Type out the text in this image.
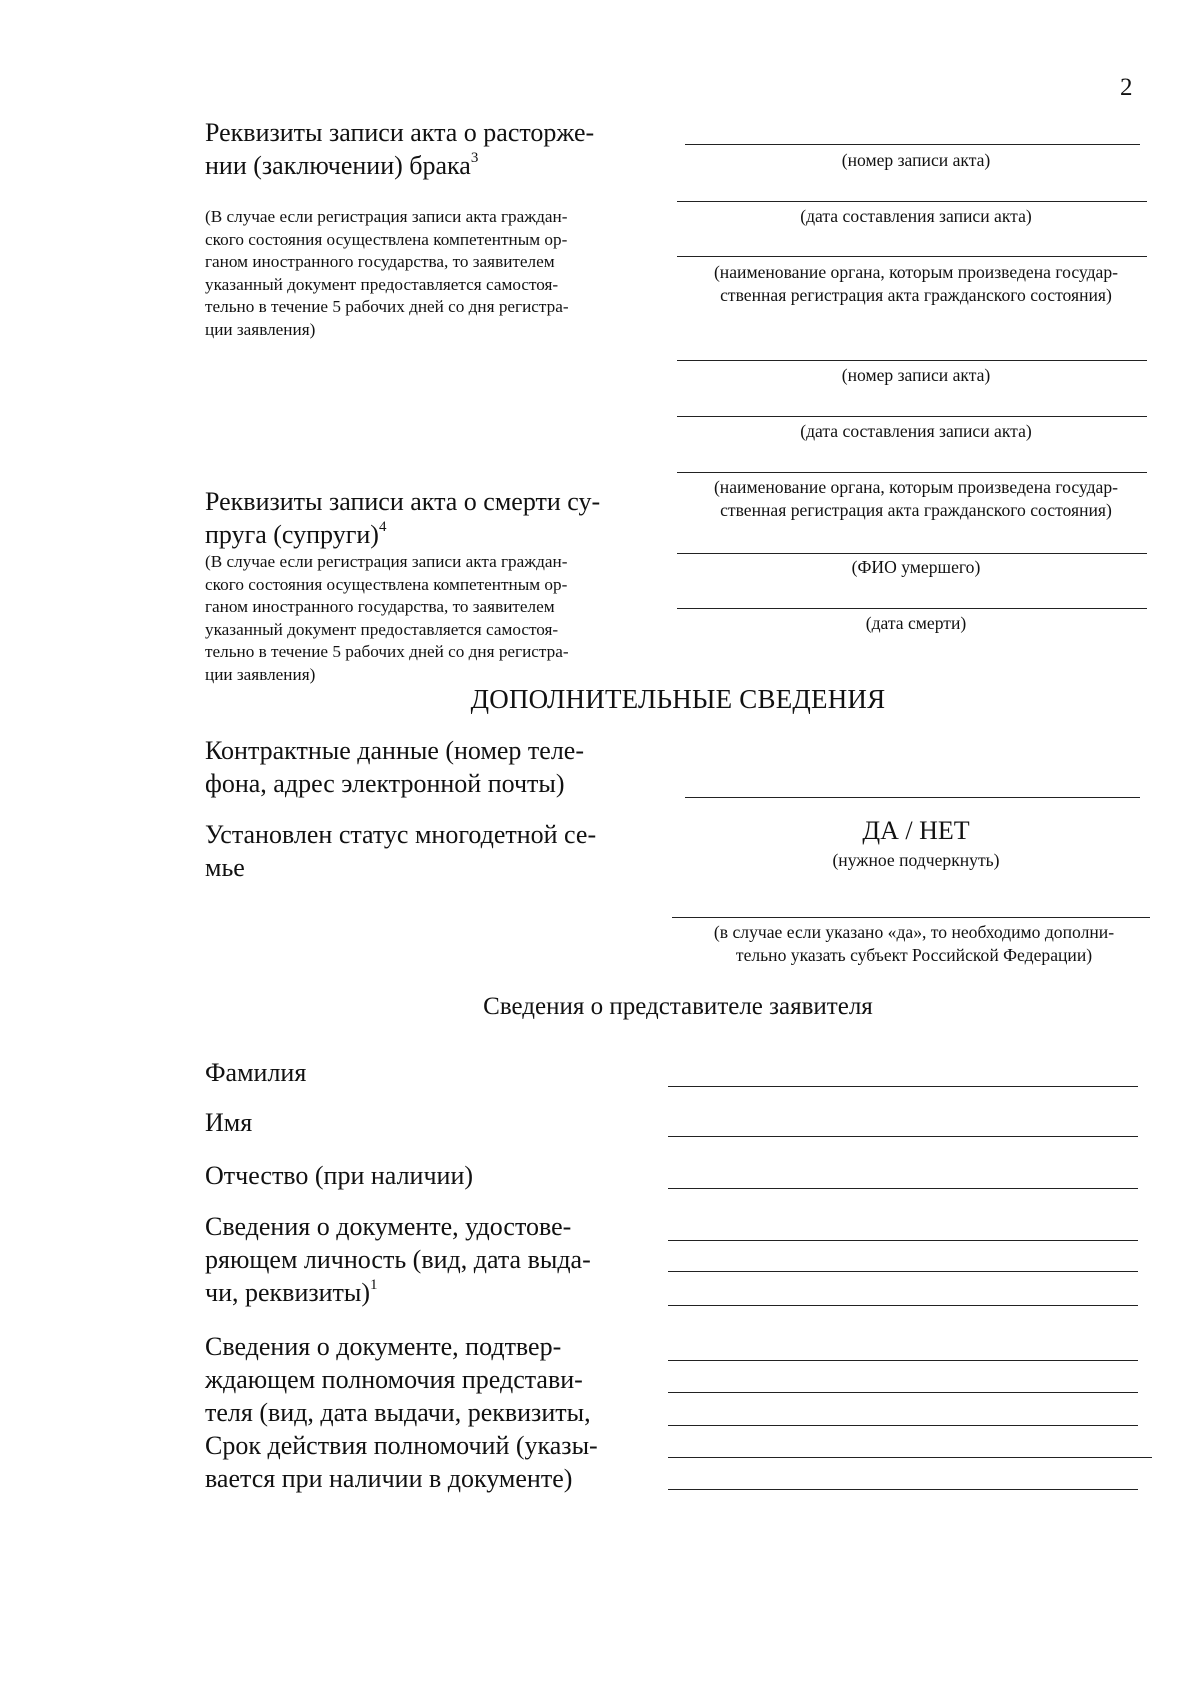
2
Реквизиты записи акта о расторже-
нии (заключении) брака$^3$
(В случае если регистрация записи акта граждан-
ского состояния осуществлена компетентным ор-
ганом иностранного государства, то заявителем
указанный документ предоставляется самостоя-
тельно в течение 5 рабочих дней со дня регистра-
ции заявления)
(номер записи акта)
(дата составления записи акта)
(наименование органа, которым произведена государ-
ственная регистрация акта гражданского состояния)
(номер записи акта)
(дата составления записи акта)
(наименование органа, которым произведена государ-
ственная регистрация акта гражданского состояния)
Реквизиты записи акта о смерти су-
пруга (супруги)$^4$
(В случае если регистрация записи акта граждан-
ского состояния осуществлена компетентным ор-
ганом иностранного государства, то заявителем
указанный документ предоставляется самостоя-
тельно в течение 5 рабочих дней со дня регистра-
ции заявления)
(ФИО умершего)
(дата смерти)
ДОПОЛНИТЕЛЬНЫЕ СВЕДЕНИЯ
Контрактные данные (номер теле-
фона, адрес электронной почты)
Установлен статус многодетной се-
мье
ДА / НЕТ
(нужное подчеркнуть)
(в случае если указано «да», то необходимо дополни-
тельно указать субъект Российской Федерации)
Сведения о представителе заявителя
Фамилия
Имя
Отчество (при наличии)
Сведения о документе, удостове-
ряющем личность (вид, дата выда-
чи, реквизиты)$^1$
Сведения о документе, подтвер-
ждающем полномочия представи-
теля (вид, дата выдачи, реквизиты,
Срок действия полномочий (указы-
вается при наличии в документе)
